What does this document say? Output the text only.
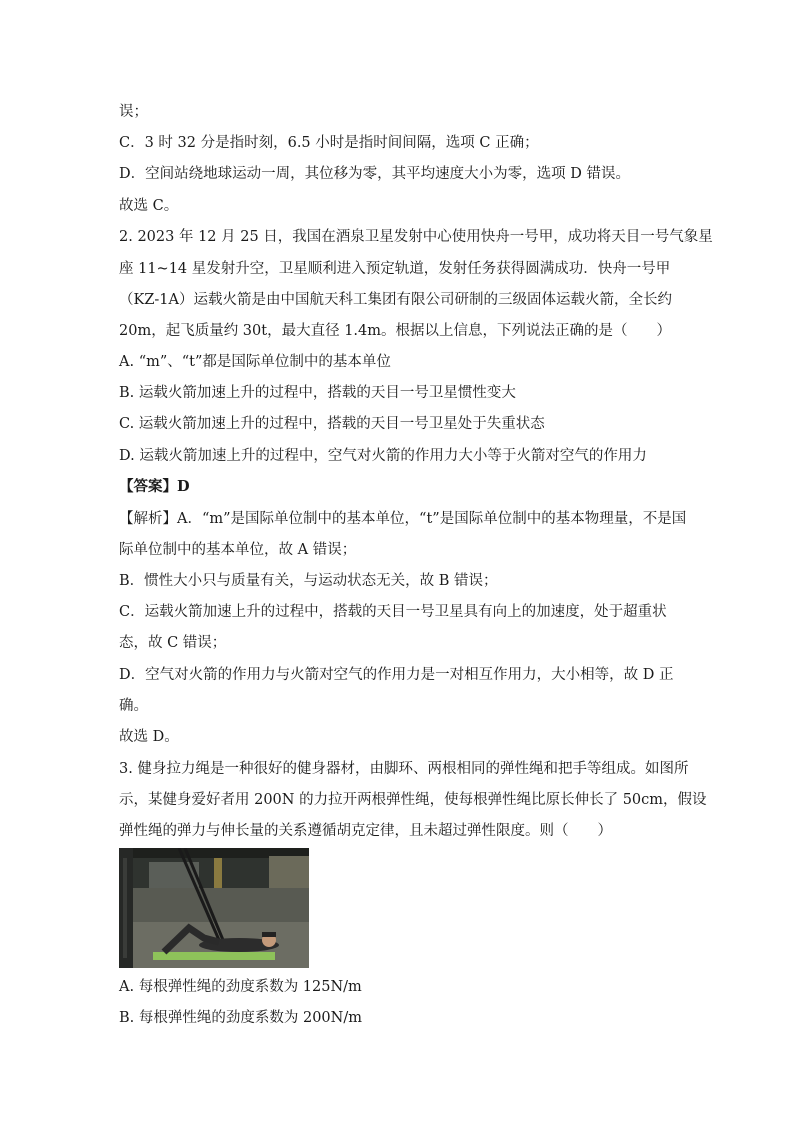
误；
C．3 时 32 分是指时刻，6.5 小时是指时间间隔，选项 C 正确；
D．空间站绕地球运动一周，其位移为零，其平均速度大小为零，选项 D 错误。
故选 C。
2. 2023 年 12 月 25 日，我国在酒泉卫星发射中心使用快舟一号甲，成功将天目一号气象星
座 11~14 星发射升空，卫星顺利进入预定轨道，发射任务获得圆满成功．快舟一号甲
（KZ-1A）运载火箭是由中国航天科工集团有限公司研制的三级固体运载火箭，全长约
20m，起飞质量约 30t，最大直径 1.4m。根据以上信息，下列说法正确的是（　　）
A. “m”、“t”都是国际单位制中的基本单位
B. 运载火箭加速上升的过程中，搭载的天目一号卫星惯性变大
C. 运载火箭加速上升的过程中，搭载的天目一号卫星处于失重状态
D. 运载火箭加速上升的过程中，空气对火箭的作用力大小等于火箭对空气的作用力
【答案】D
【解析】A．“m”是国际单位制中的基本单位，“t”是国际单位制中的基本物理量，不是国
际单位制中的基本单位，故 A 错误；
B．惯性大小只与质量有关，与运动状态无关，故 B 错误；
C．运载火箭加速上升的过程中，搭载的天目一号卫星具有向上的加速度，处于超重状
态，故 C 错误；
D．空气对火箭的作用力与火箭对空气的作用力是一对相互作用力，大小相等，故 D 正
确。
故选 D。
3. 健身拉力绳是一种很好的健身器材，由脚环、两根相同的弹性绳和把手等组成。如图所
示，某健身爱好者用 200N 的力拉开两根弹性绳，使每根弹性绳比原长伸长了 50cm，假设
弹性绳的弹力与伸长量的关系遵循胡克定律，且未超过弹性限度。则（　　）
A. 每根弹性绳的劲度系数为 125N/m
B. 每根弹性绳的劲度系数为 200N/m
